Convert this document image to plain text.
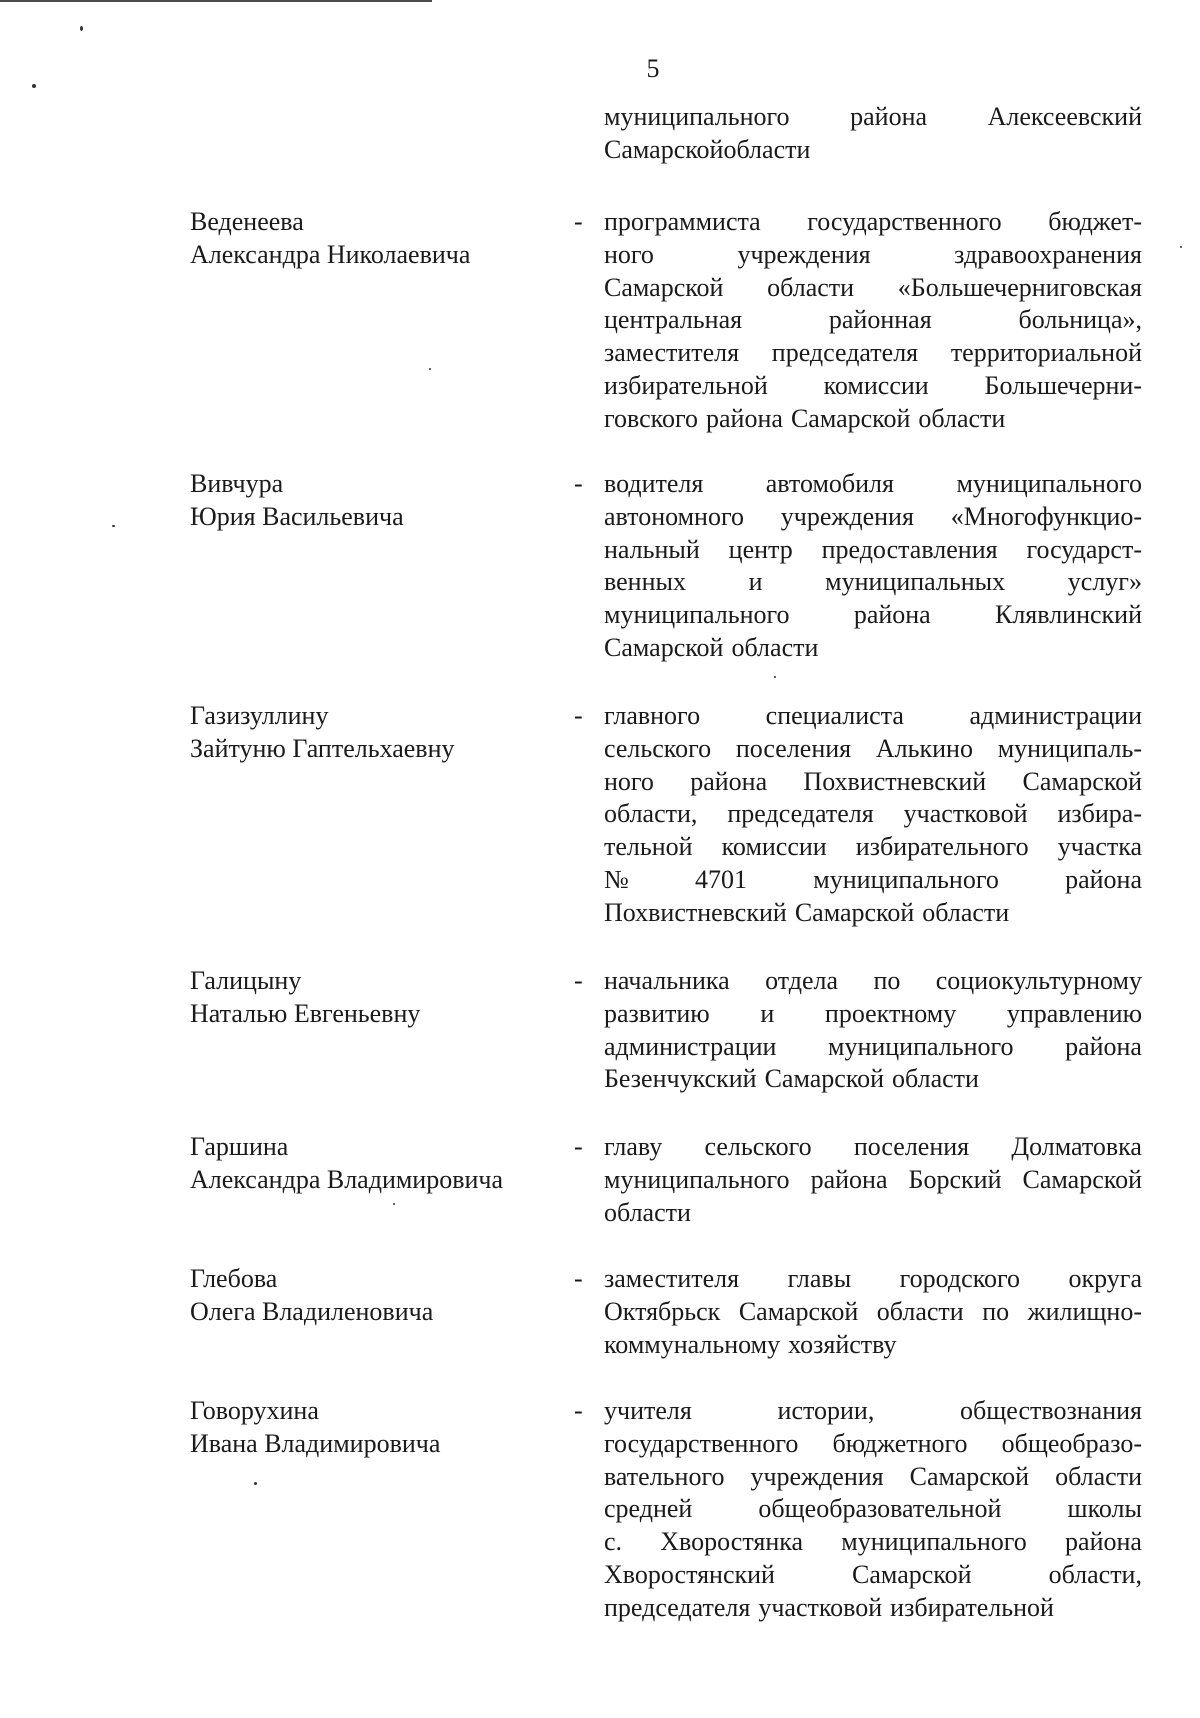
5
муниципального района Алексеевский
Самарской области
Веденеева
Александра Николаевича
- программиста государственного бюджет-
ного	учреждения	здравоохранения
Самарской области «Большечерниговская
центральная	районная	больница»,
заместителя председателя территориальной
избирательной комиссии Большечерни-
говского района Самарской области
Вивчура
Юрия Васильевича
- водителя автомобиля муниципального
автономного учреждения «Многофункцио-
нальный центр предоставления государст-
венных и муниципальных услуг»
муниципального района Клявлинский
Самарской области
Газизуллину
Зайтуню Гаптельхаевну
- главного	специалиста	администрации
сельского поселения Алькино муниципаль-
ного района Похвистневский Самарской
области, председателя участковой избира-
тельной комиссии избирательного участка
№	4701	муниципального	района
Похвистневский Самарской области
Галицыну
Наталью Евгеньевну
- начальника отдела по социокультурному
развитию и проектному управлению
администрации муниципального района
Безенчукский Самарской области
Гаршина
Александра Владимировича
- главу сельского поселения Долматовка
муниципального района Борский Самарской
области
Глебова
Олега Владиленовича
- заместителя главы городского округа
Октябрьск Самарской области по жилищно-
коммунальному хозяйству
Говорухина
Ивана Владимировича
- учителя	истории,	обществознания
государственного бюджетного общеобразо-
вательного учреждения Самарской области
средней	общеобразовательной	школы
с. Хворостянка муниципального района
Хворостянский	Самарской	области,
председателя участковой избирательной
